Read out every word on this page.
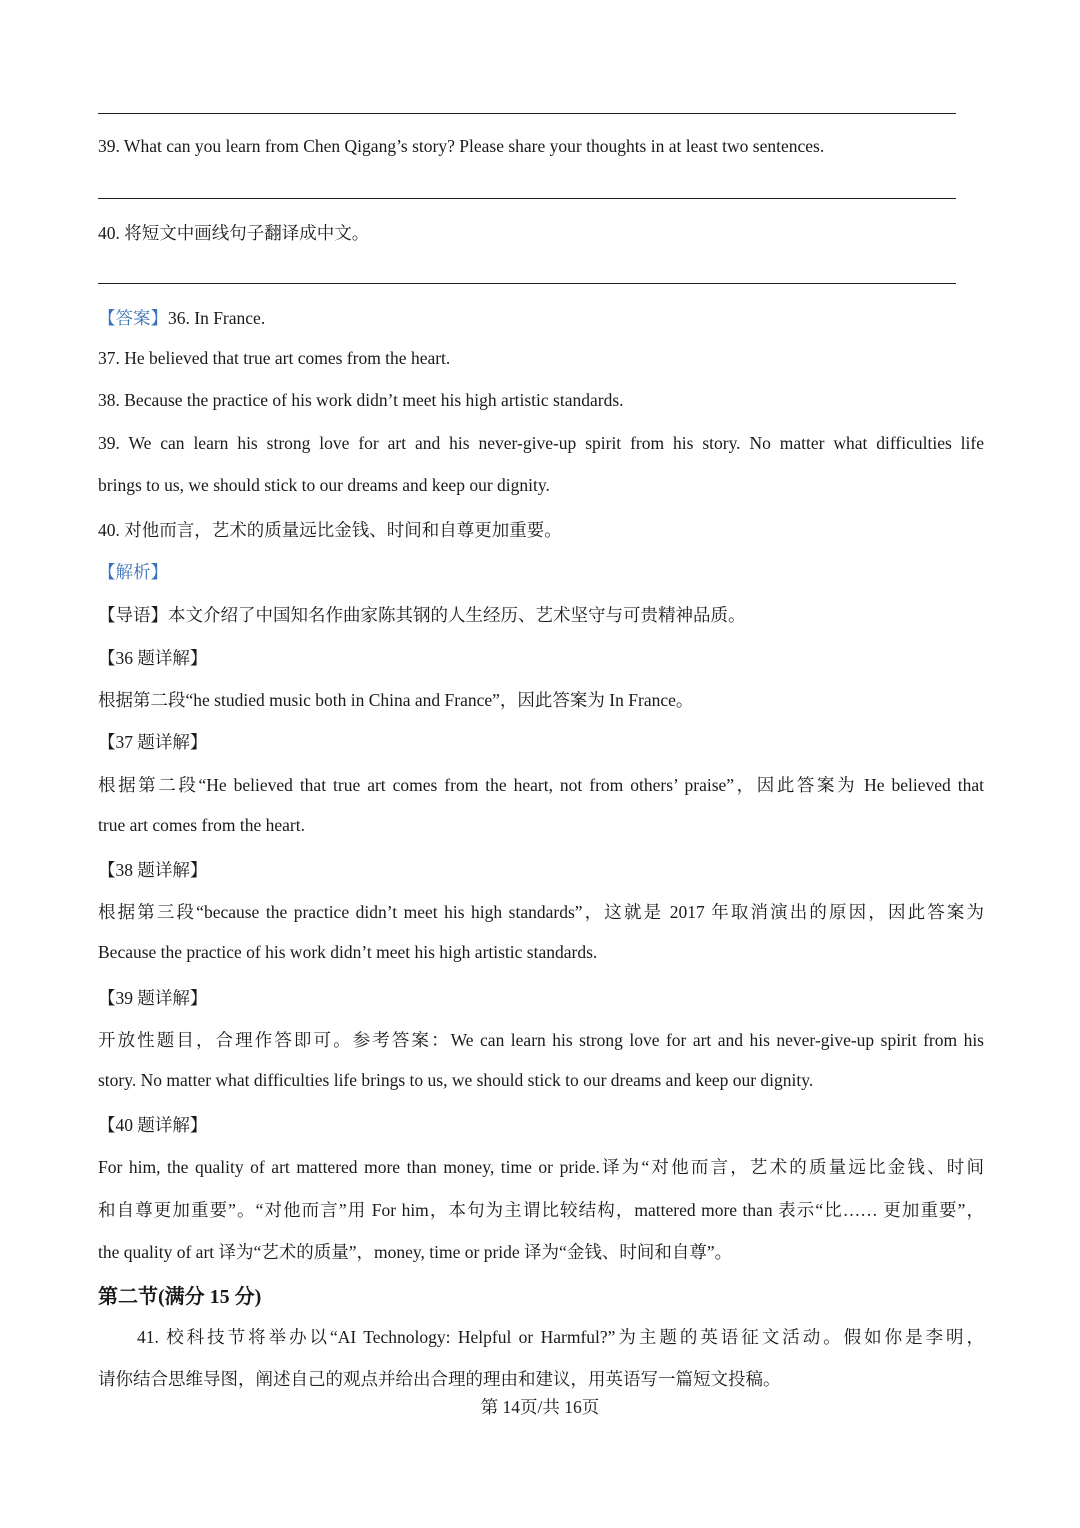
39. What can you learn from Chen Qigang’s story? Please share your thoughts in at least two sentences.
40. 将短文中画线句子翻译成中文。
【答案】36. In France.
37. He believed that true art comes from the heart.
38. Because the practice of his work didn’t meet his high artistic standards.
39. We can learn his strong love for art and his never-give-up spirit from his story. No matter what difficulties life
brings to us, we should stick to our dreams and keep our dignity.
40. 对他而言，艺术的质量远比金钱、时间和自尊更加重要。
【解析】
【导语】本文介绍了中国知名作曲家陈其钢的人生经历、艺术坚守与可贵精神品质。
【36 题详解】
根据第二段“he studied music both in China and France”，因此答案为 In France。
【37 题详解】
根据第二段“He believed that true art comes from the heart, not from others’ praise”，因此答案为 He believed that
true art comes from the heart.
【38 题详解】
根据第三段“because the practice didn’t meet his high standards”，这就是 2017 年取消演出的原因，因此答案为
Because the practice of his work didn’t meet his high artistic standards.
【39 题详解】
开放性题目，合理作答即可。参考答案：We can learn his strong love for art and his never-give-up spirit from his
story. No matter what difficulties life brings to us, we should stick to our dreams and keep our dignity.
【40 题详解】
For him, the quality of art mattered more than money, time or pride.译为“对他而言，艺术的质量远比金钱、时间
和自尊更加重要”。“对他而言”用 For him，本句为主谓比较结构，mattered more than 表示“比…… 更加重要”，
the quality of art 译为“艺术的质量”，money, time or pride 译为“金钱、时间和自尊”。
第二节(满分 15 分)
41. 校科技节将举办以“AI Technology: Helpful or Harmful?”为主题的英语征文活动。假如你是李明，
请你结合思维导图，阐述自己的观点并给出合理的理由和建议，用英语写一篇短文投稿。
第 14页/共 16页
